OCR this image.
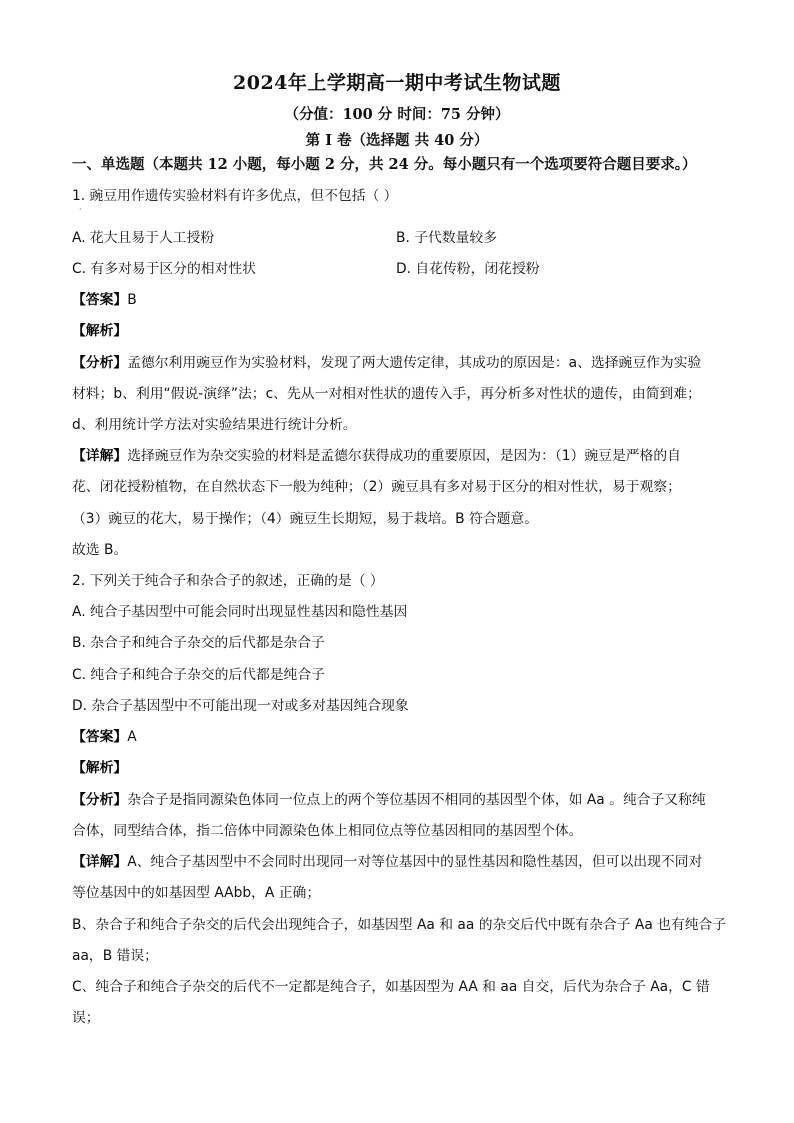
2024年上学期高一期中考试生物试题
（分值：100 分 时间：75 分钟）
第 I 卷（选择题 共 40 分）
一、单选题（本题共 12 小题，每小题 2 分，共 24 分。每小题只有一个选项要符合题目要求。）
1. 豌豆用作遗传实验材料有许多优点，但不包括（ ）
·
A. 花大且易于人工授粉	B. 子代数量较多
C. 有多对易于区分的相对性状	D. 自花传粉，闭花授粉
【答案】B
【解析】
【分析】孟德尔利用豌豆作为实验材料，发现了两大遗传定律，其成功的原因是：a、选择豌豆作为实验
材料；b、利用“假说-演绎”法；c、先从一对相对性状的遗传入手，再分析多对性状的遗传，由简到难；
d、利用统计学方法对实验结果进行统计分析。
【详解】选择豌豆作为杂交实验的材料是孟德尔获得成功的重要原因，是因为：（1）豌豆是严格的自
花、闭花授粉植物，在自然状态下一般为纯种；（2）豌豆具有多对易于区分的相对性状，易于观察；
（3）豌豆的花大，易于操作；（4）豌豆生长期短，易于栽培。B 符合题意。
故选 B。
2. 下列关于纯合子和杂合子的叙述，正确的是（ ）
A. 纯合子基因型中可能会同时出现显性基因和隐性基因
B. 杂合子和纯合子杂交的后代都是杂合子
C. 纯合子和纯合子杂交的后代都是纯合子
D. 杂合子基因型中不可能出现一对或多对基因纯合现象
【答案】A
【解析】
【分析】杂合子是指同源染色体同一位点上的两个等位基因不相同的基因型个体，如 Aa 。纯合子又称纯
合体，同型结合体，指二倍体中同源染色体上相同位点等位基因相同的基因型个体。
【详解】A、纯合子基因型中不会同时出现同一对等位基因中的显性基因和隐性基因，但可以出现不同对
等位基因中的如基因型 AAbb，A 正确；
B、杂合子和纯合子杂交的后代会出现纯合子，如基因型 Aa 和 aa 的杂交后代中既有杂合子 Aa 也有纯合子
aa，B 错误；
C、纯合子和纯合子杂交的后代不一定都是纯合子，如基因型为 AA 和 aa 自交，后代为杂合子 Aa，C 错
误；
